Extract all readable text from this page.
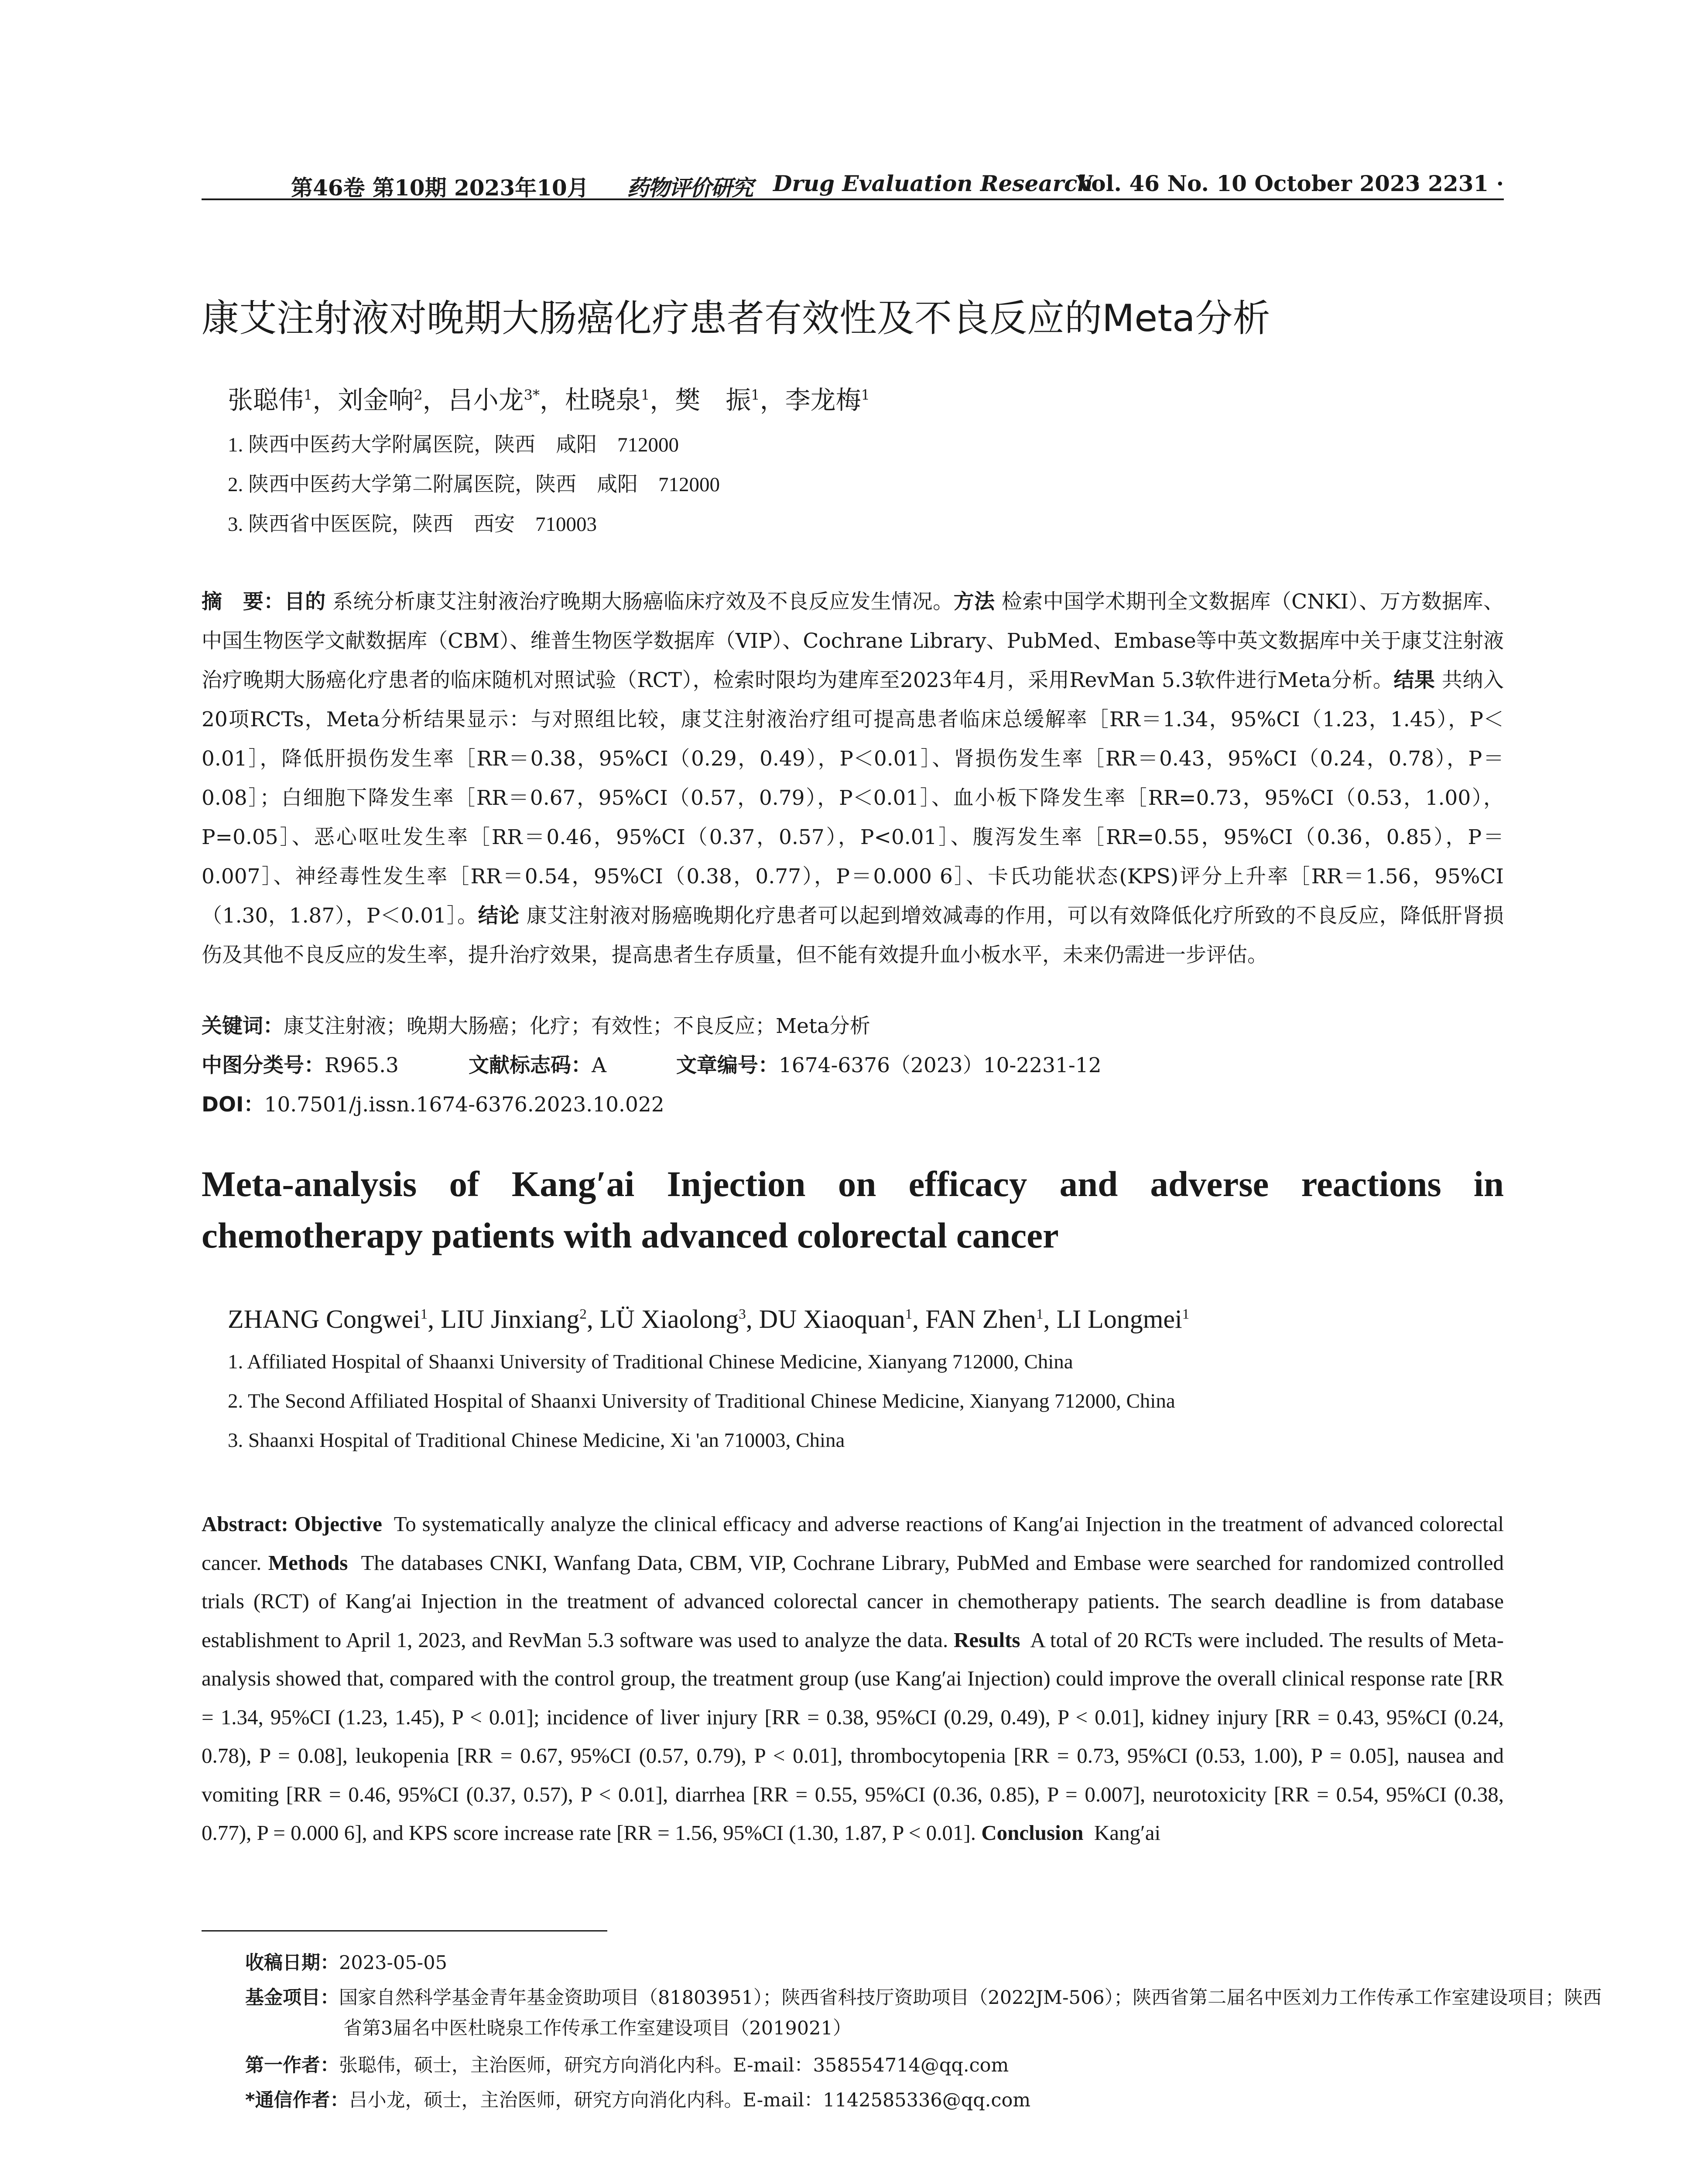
第46卷 第10期 2023年10月 药物评价研究 Drug Evaluation Research
Vol. 46 No. 10 October 2023
· 2231 ·
康艾注射液对晚期大肠癌化疗患者有效性及不良反应的Meta分析
张聪伟$^1$，刘金响$^2$，吕小龙$^{3*}$，杜晓泉$^1$，樊　振$^1$，李龙梅$^1$
1. 陕西中医药大学附属医院，陕西　咸阳　712000
2. 陕西中医药大学第二附属医院，陕西　咸阳　712000
3. 陕西省中医医院，陕西　西安　710003
摘　要：目的 系统分析康艾注射液治疗晚期大肠癌临床疗效及不良反应发生情况。方法 检索中国学术期刊全文数据库（CNKI）、万方数据库、中国生物医学文献数据库（CBM）、维普生物医学数据库（VIP）、Cochrane Library、PubMed、Embase等中英文数据库中关于康艾注射液治疗晚期大肠癌化疗患者的临床随机对照试验（RCT），检索时限均为建库至2023年4月，采用RevMan 5.3软件进行Meta分析。结果 共纳入20项RCTs，Meta分析结果显示：与对照组比较，康艾注射液治疗组可提高患者临床总缓解率［RR＝1.34，95%CI（1.23，1.45），P＜0.01］，降低肝损伤发生率［RR＝0.38，95%CI（0.29，0.49），P＜0.01］、肾损伤发生率［RR＝0.43，95%CI（0.24，0.78），P＝0.08］；白细胞下降发生率［RR＝0.67，95%CI（0.57，0.79），P＜0.01］、血小板下降发生率［RR=0.73，95%CI（0.53，1.00），P=0.05］、恶心呕吐发生率［RR＝0.46，95%CI（0.37，0.57），P<0.01］、腹泻发生率［RR=0.55，95%CI（0.36，0.85），P＝0.007］、神经毒性发生率［RR＝0.54，95%CI（0.38，0.77），P＝0.000 6］、卡氏功能状态(KPS)评分上升率［RR＝1.56，95%CI（1.30，1.87），P＜0.01］。结论 康艾注射液对肠癌晚期化疗患者可以起到增效减毒的作用，可以有效降低化疗所致的不良反应，降低肝肾损伤及其他不良反应的发生率，提升治疗效果，提高患者生存质量，但不能有效提升血小板水平，未来仍需进一步评估。
关键词：康艾注射液；晚期大肠癌；化疗；有效性；不良反应；Meta分析
中图分类号：R965.3	文献标志码：A	文章编号：1674-6376（2023）10-2231-12
DOI：10.7501/j.issn.1674-6376.2023.10.022
Meta-analysis of Kang′ai Injection on efficacy and adverse reactions in chemotherapy patients with advanced colorectal cancer
ZHANG Congwei$^1$, LIU Jinxiang$^2$, LÜ Xiaolong$^3$, DU Xiaoquan$^1$, FAN Zhen$^1$, LI Longmei$^1$
1. Affiliated Hospital of Shaanxi University of Traditional Chinese Medicine, Xianyang 712000, China
2. The Second Affiliated Hospital of Shaanxi University of Traditional Chinese Medicine, Xianyang 712000, China
3. Shaanxi Hospital of Traditional Chinese Medicine, Xi 'an 710003, China
Abstract: Objective To systematically analyze the clinical efficacy and adverse reactions of Kang′ai Injection in the treatment of advanced colorectal cancer. Methods The databases CNKI, Wanfang Data, CBM, VIP, Cochrane Library, PubMed and Embase were searched for randomized controlled trials (RCT) of Kang′ai Injection in the treatment of advanced colorectal cancer in chemotherapy patients. The search deadline is from database establishment to April 1, 2023, and RevMan 5.3 software was used to analyze the data. Results A total of 20 RCTs were included. The results of Meta-analysis showed that, compared with the control group, the treatment group (use Kang′ai Injection) could improve the overall clinical response rate [RR = 1.34, 95%CI (1.23, 1.45), P < 0.01]; incidence of liver injury [RR = 0.38, 95%CI (0.29, 0.49), P < 0.01], kidney injury [RR = 0.43, 95%CI (0.24, 0.78), P = 0.08], leukopenia [RR = 0.67, 95%CI (0.57, 0.79), P < 0.01], thrombocytopenia [RR = 0.73, 95%CI (0.53, 1.00), P = 0.05], nausea and vomiting [RR = 0.46, 95%CI (0.37, 0.57), P < 0.01], diarrhea [RR = 0.55, 95%CI (0.36, 0.85), P = 0.007], neurotoxicity [RR = 0.54, 95%CI (0.38, 0.77), P = 0.000 6], and KPS score increase rate [RR = 1.56, 95%CI (1.30, 1.87, P < 0.01]. Conclusion Kang′ai
收稿日期：2023-05-05
基金项目：国家自然科学基金青年基金资助项目（81803951）；陕西省科技厅资助项目（2022JM-506）；陕西省第二届名中医刘力工作传承工作室建设项目；陕西省第3届名中医杜晓泉工作传承工作室建设项目（2019021）
第一作者：张聪伟，硕士，主治医师，研究方向消化内科。E-mail：358554714@qq.com
*通信作者：吕小龙，硕士，主治医师，研究方向消化内科。E-mail：1142585336@qq.com
